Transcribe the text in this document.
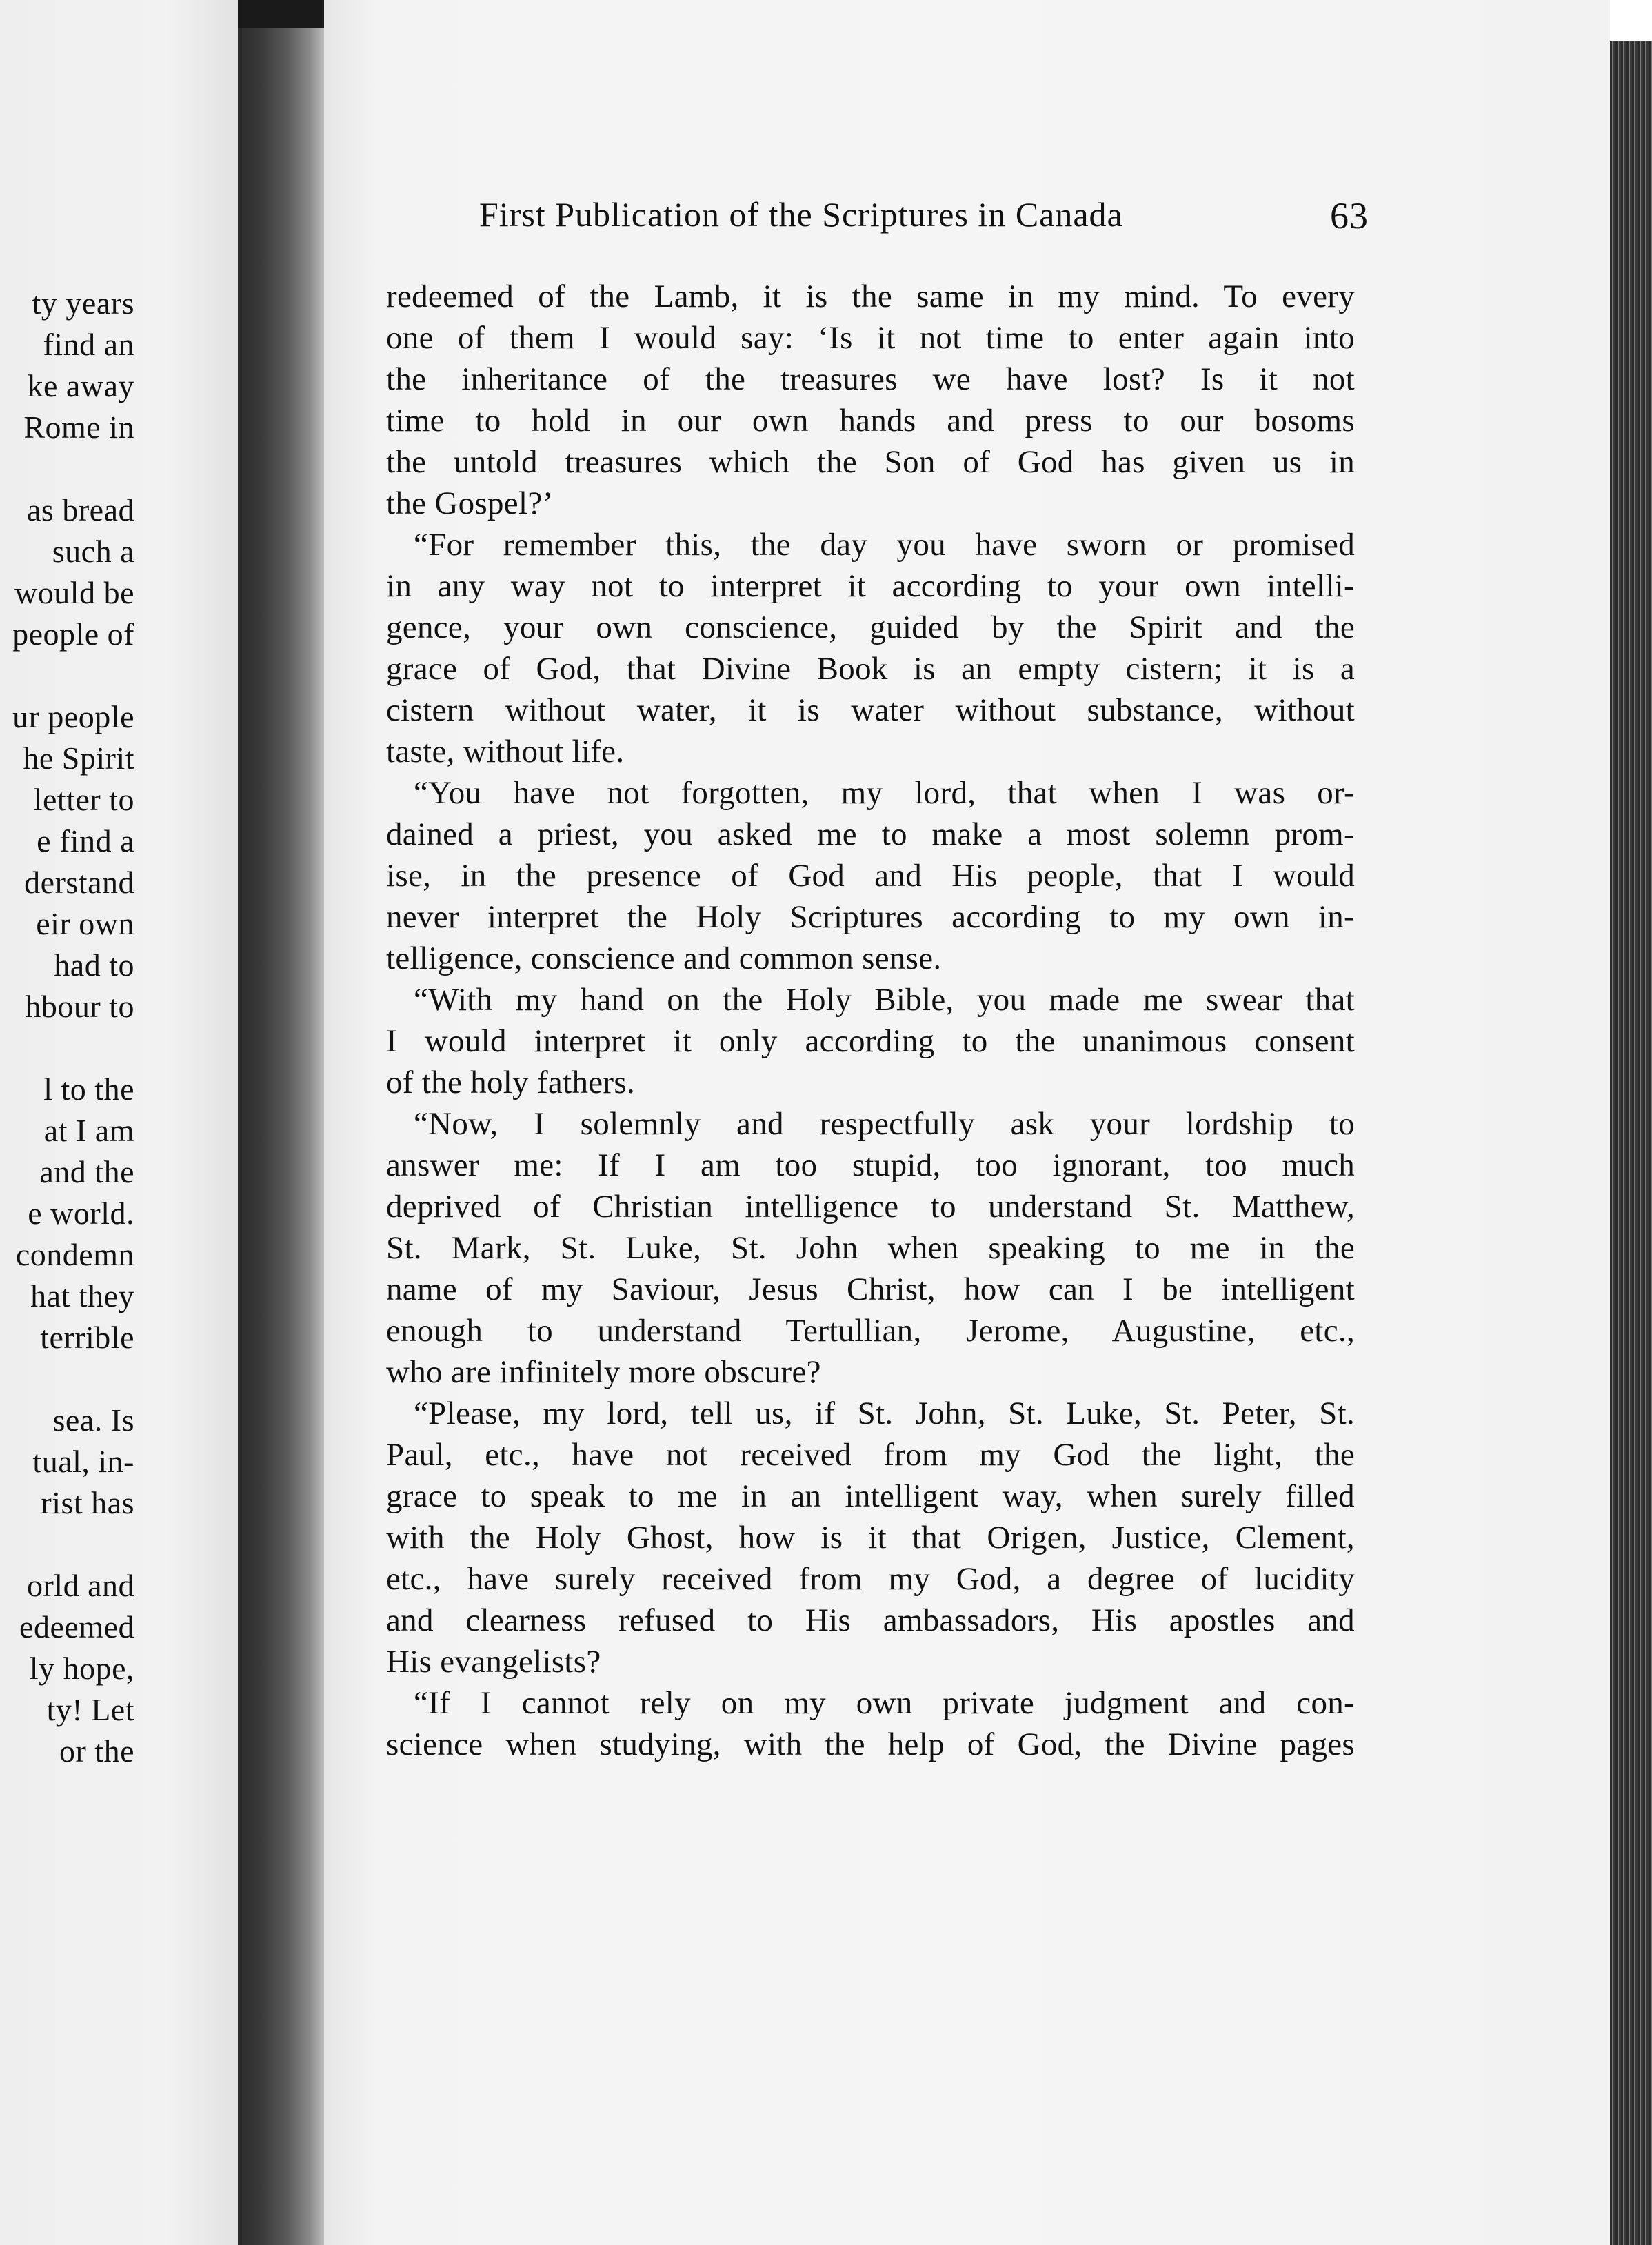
ty years
find an
ke away
Rome in
as bread
such a
would be
people of
ur people
he Spirit
letter to
e find a
derstand
eir own
had to
hbour to
l to the
at I am
and the
e world.
condemn
hat they
terrible
sea. Is
tual, in-
rist has
orld and
edeemed
ly hope,
ty! Let
or the
First Publication of the Scriptures in Canada	63
redeemed of the Lamb, it is the same in my mind. To every
one of them I would say: ‘Is it not time to enter again into
the inheritance of the treasures we have lost? Is it not
time to hold in our own hands and press to our bosoms
the untold treasures which the Son of God has given us in
the Gospel?’
“For remember this, the day you have sworn or promised
in any way not to interpret it according to your own intelli-
gence, your own conscience, guided by the Spirit and the
grace of God, that Divine Book is an empty cistern; it is a
cistern without water, it is water without substance, without
taste, without life.
“You have not forgotten, my lord, that when I was or-
dained a priest, you asked me to make a most solemn prom-
ise, in the presence of God and His people, that I would
never interpret the Holy Scriptures according to my own in-
telligence, conscience and common sense.
“With my hand on the Holy Bible, you made me swear that
I would interpret it only according to the unanimous consent
of the holy fathers.
“Now, I solemnly and respectfully ask your lordship to
answer me: If I am too stupid, too ignorant, too much
deprived of Christian intelligence to understand St. Matthew,
St. Mark, St. Luke, St. John when speaking to me in the
name of my Saviour, Jesus Christ, how can I be intelligent
enough to understand Tertullian, Jerome, Augustine, etc.,
who are infinitely more obscure?
“Please, my lord, tell us, if St. John, St. Luke, St. Peter, St.
Paul, etc., have not received from my God the light, the
grace to speak to me in an intelligent way, when surely filled
with the Holy Ghost, how is it that Origen, Justice, Clement,
etc., have surely received from my God, a degree of lucidity
and clearness refused to His ambassadors, His apostles and
His evangelists?
“If I cannot rely on my own private judgment and con-
science when studying, with the help of God, the Divine pages
